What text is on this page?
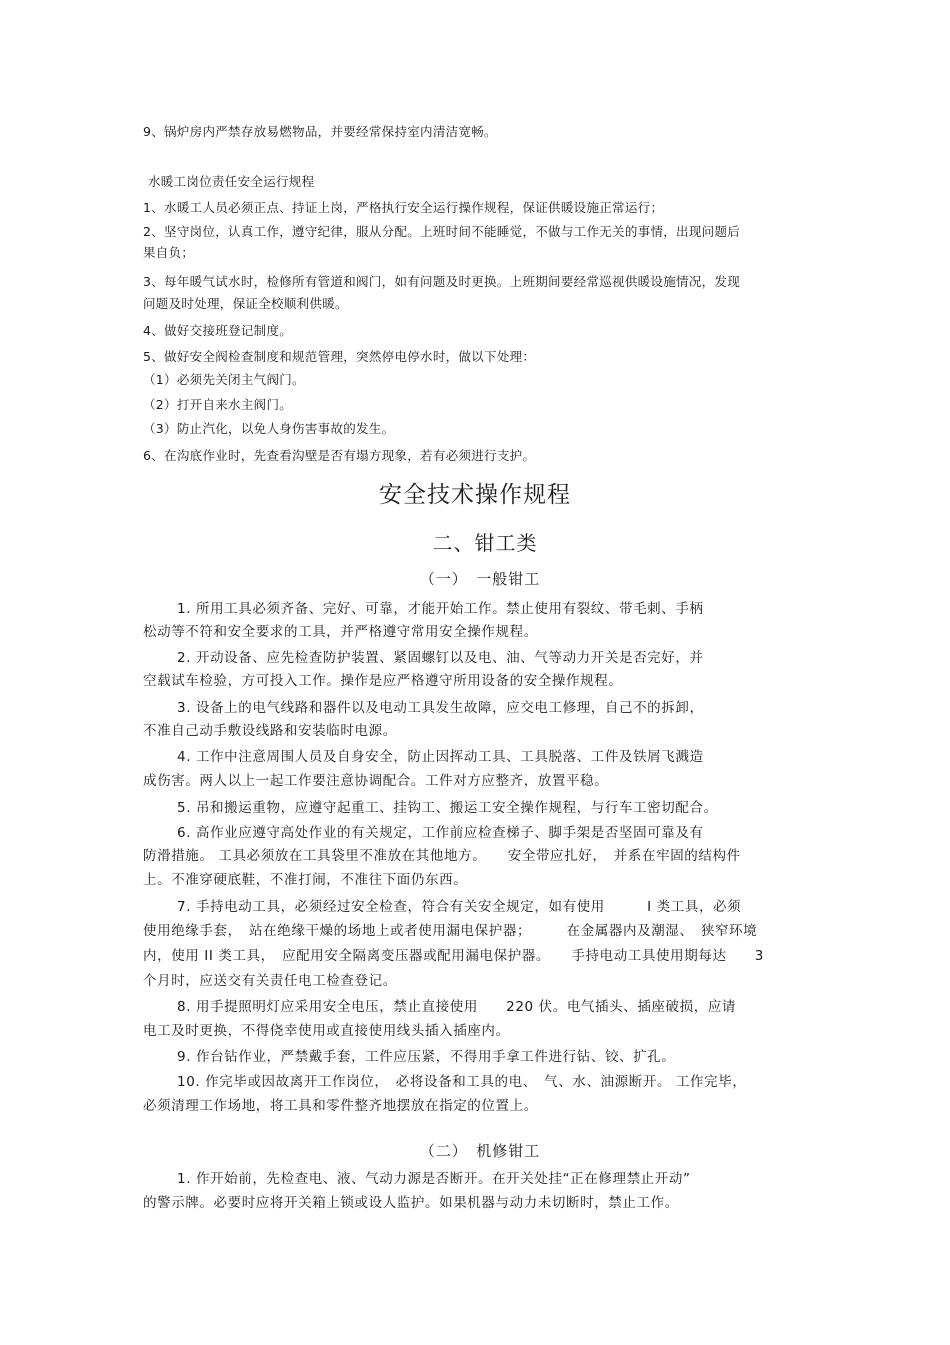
9、锅炉房内严禁存放易燃物品，并要经常保持室内清洁宽畅。
水暖工岗位责任安全运行规程
1、水暖工人员必须正点、持证上岗，严格执行安全运行操作规程，保证供暖设施正常运行；
2、坚守岗位，认真工作，遵守纪律，服从分配。上班时间不能睡觉，不做与工作无关的事情，出现问题后
果自负；
3、每年暖气试水时，检修所有管道和阀门，如有问题及时更换。上班期间要经常巡视供暖设施情况，发现
问题及时处理，保证全校顺利供暖。
4、做好交接班登记制度。
5、做好安全阀检查制度和规范管理，突然停电停水时，做以下处理：
（1）必须先关闭主气阀门。
（2）打开自来水主阀门。
（3）防止汽化，以免人身伤害事故的发生。
6、在沟底作业时，先查看沟壁是否有塌方现象，若有必须进行支护。
安全技术操作规程
二、钳工类
（一）　一般钳工
1. 所用工具必须齐备、完好、可靠，才能开始工作。禁止使用有裂纹、带毛刺、手柄
松动等不符和安全要求的工具，并严格遵守常用安全操作规程。
2. 开动设备、应先检查防护装置、紧固螺钉以及电、油、气等动力开关是否完好，并
空载试车检验，方可投入工作。操作是应严格遵守所用设备的安全操作规程。
3. 设备上的电气线路和器件以及电动工具发生故障，应交电工修理，自己不的拆卸，
不准自己动手敷设线路和安装临时电源。
4. 工作中注意周围人员及自身安全，防止因挥动工具、工具脱落、工件及铁屑飞溅造
成伤害。两人以上一起工作要注意协调配合。工件对方应整齐，放置平稳。
5. 吊和搬运重物，应遵守起重工、挂钩工、搬运工安全操作规程，与行车工密切配合。
6. 高作业应遵守高处作业的有关规定，工作前应检查梯子、脚手架是否坚固可靠及有
防滑措施。 工具必须放在工具袋里不准放在其他地方。　　安全带应扎好，　并系在牢固的结构件
上。不准穿硬底鞋，不准打闹，不准往下面仍东西。
7. 手持电动工具，必须经过安全检查，符合有关安全规定，如有使用　　　I 类工具，必须
使用绝缘手套，　站在绝缘干燥的场地上或者使用漏电保护器；　　　在金属器内及潮湿、　狭窄环境
内，使用 II 类工具，　应配用安全隔离变压器或配用漏电保护器。　　手持电动工具使用期每达　　3
个月时，应送交有关责任电工检查登记。
8. 用手提照明灯应采用安全电压，禁止直接使用　　220 伏。电气插头、插座破损，应请
电工及时更换，不得侥幸使用或直接使用线头插入插座内。
9. 作台钻作业，严禁戴手套，工件应压紧，不得用手拿工件进行钻、铰、扩孔。
10. 作完毕或因故离开工作岗位，　必将设备和工具的电、　气、水、油源断开。 工作完毕，
必须清理工作场地，将工具和零件整齐地摆放在指定的位置上。
（二）　机修钳工
1. 作开始前，先检查电、液、气动力源是否断开。在开关处挂“正在修理禁止开动”
的警示牌。必要时应将开关箱上锁或设人监护。如果机器与动力未切断时，禁止工作。
